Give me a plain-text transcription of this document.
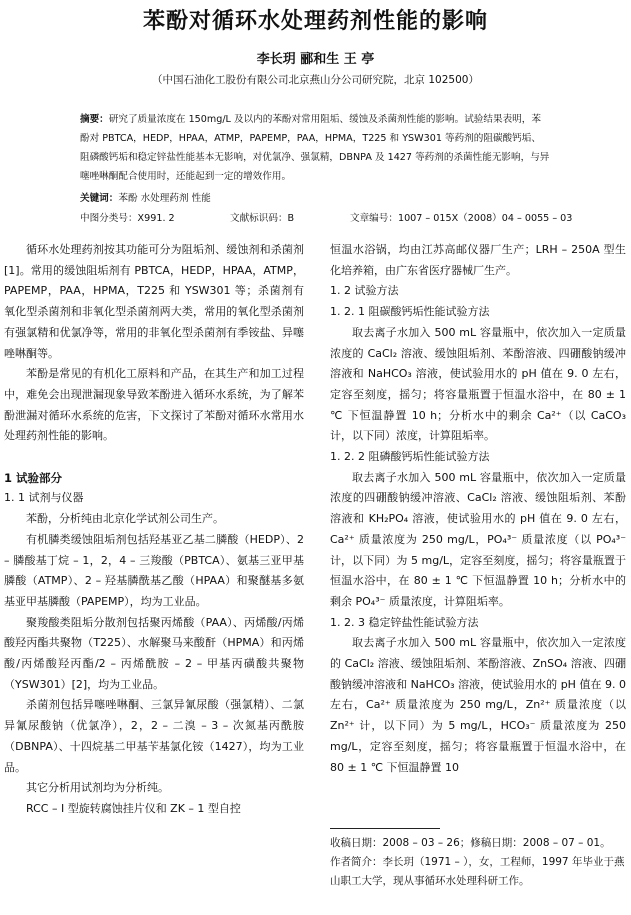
苯酚对循环水处理药剂性能的影响
李长玥 郦和生 王 亭
（中国石油化工股份有限公司北京燕山分公司研究院，北京 102500）

摘要：研究了质量浓度在 150mg/L 及以内的苯酚对常用阻垢、缓蚀及杀菌剂性能的影响。试验结果表明，苯酚对 PBTCA，HEDP，HPAA，ATMP，PAPEMP，PAA，HPMA，T225 和 YSW301 等药剂的阻碳酸钙垢、阻磷酸钙垢和稳定锌盐性能基本无影响，对优氯净、强氯精，DBNPA 及 1427 等药剂的杀菌性能无影响，与异噻唑啉酮配合使用时，还能起到一定的增效作用。

关键词：苯酚 水处理药剂 性能
中图分类号：X991. 2	文献标识码：B	文章编号：1007 – 015X（2008）04 – 0055 – 03

循环水处理药剂按其功能可分为阻垢剂、缓蚀剂和杀菌剂[1]。常用的缓蚀阻垢剂有 PBTCA，HEDP，HPAA，ATMP，PAPEMP，PAA，HPMA，T225 和 YSW301 等；杀菌剂有氧化型杀菌剂和非氧化型杀菌剂两大类，常用的氧化型杀菌剂有强氯精和优氯净等，常用的非氧化型杀菌剂有季铵盐、异噻唑啉酮等。

苯酚是常见的有机化工原料和产品，在其生产和加工过程中，难免会出现泄漏现象导致苯酚进入循环水系统，为了解苯酚泄漏对循环水系统的危害，下文探讨了苯酚对循环水常用水处理药剂性能的影响。

1 试验部分
1. 1 试剂与仪器

苯酚，分析纯由北京化学试剂公司生产。

有机膦类缓蚀阻垢剂包括羟基亚乙基二膦酸（HEDP）、2 – 膦酸基丁烷 – 1，2，4 – 三羧酸（PBTCA）、氨基三亚甲基膦酸（ATMP）、2 – 羟基膦酰基乙酸（HPAA）和聚醚基多氨基亚甲基膦酸（PAPEMP），均为工业品。

聚羧酸类阻垢分散剂包括聚丙烯酸（PAA）、丙烯酸/丙烯酸羟丙酯共聚物（T225）、水解聚马来酸酐（HPMA）和丙烯酸/丙烯酸羟丙酯/2 – 丙烯酰胺 – 2 – 甲基丙磺酸共聚物（YSW301）[2]，均为工业品。

杀菌剂包括异噻唑啉酮、三氯异氰尿酸（强氯精）、二氯异氰尿酸钠（优氯净），2，2 – 二溴 – 3 – 次氮基丙酰胺（DBNPA）、十四烷基二甲基苄基氯化铵（1427），均为工业品。

其它分析用试剂均为分析纯。

RCC – I 型旋转腐蚀挂片仪和 ZK – 1 型自控

恒温水浴锅，均由江苏高邮仪器厂生产；LRH – 250A 型生化培养箱，由广东省医疗器械厂生产。

1. 2 试验方法
1. 2. 1 阻碳酸钙垢性能试验方法

取去离子水加入 500 mL 容量瓶中，依次加入一定质量浓度的 CaCl₂ 溶液、缓蚀阻垢剂、苯酚溶液、四硼酸钠缓冲溶液和 NaHCO₃ 溶液，使试验用水的 pH 值在 9. 0 左右，定容至刻度，摇匀；将容量瓶置于恒温水浴中，在 80 ± 1 ℃ 下恒温静置 10 h；分析水中的剩余 Ca²⁺（以 CaCO₃ 计，以下同）浓度，计算阻垢率。

1. 2. 2 阻磷酸钙垢性能试验方法

取去离子水加入 500 mL 容量瓶中，依次加入一定质量浓度的四硼酸钠缓冲溶液、CaCl₂ 溶液、缓蚀阻垢剂、苯酚溶液和 KH₂PO₄ 溶液，使试验用水的 pH 值在 9. 0 左右，Ca²⁺ 质量浓度为 250 mg/L，PO₄³⁻ 质量浓度（以 PO₄³⁻ 计，以下同）为 5 mg/L，定容至刻度，摇匀；将容量瓶置于恒温水浴中，在 80 ± 1 ℃ 下恒温静置 10 h；分析水中的剩余 PO₄³⁻ 质量浓度，计算阻垢率。

1. 2. 3 稳定锌盐性能试验方法

取去离子水加入 500 mL 容量瓶中，依次加入一定浓度的 CaCl₂ 溶液、缓蚀阻垢剂、苯酚溶液、ZnSO₄ 溶液、四硼酸钠缓冲溶液和 NaHCO₃ 溶液，使试验用水的 pH 值在 9. 0 左右，Ca²⁺ 质量浓度为 250 mg/L，Zn²⁺ 质量浓度（以 Zn²⁺ 计，以下同）为 5 mg/L，HCO₃⁻ 质量浓度为 250 mg/L，定容至刻度，摇匀；将容量瓶置于恒温水浴中，在 80 ± 1 ℃ 下恒温静置 10

收稿日期：2008 – 03 – 26；修稿日期：2008 – 07 – 01。

作者简介：李长玥（1971 – ），女，工程师，1997 年毕业于燕山职工大学，现从事循环水处理科研工作。
